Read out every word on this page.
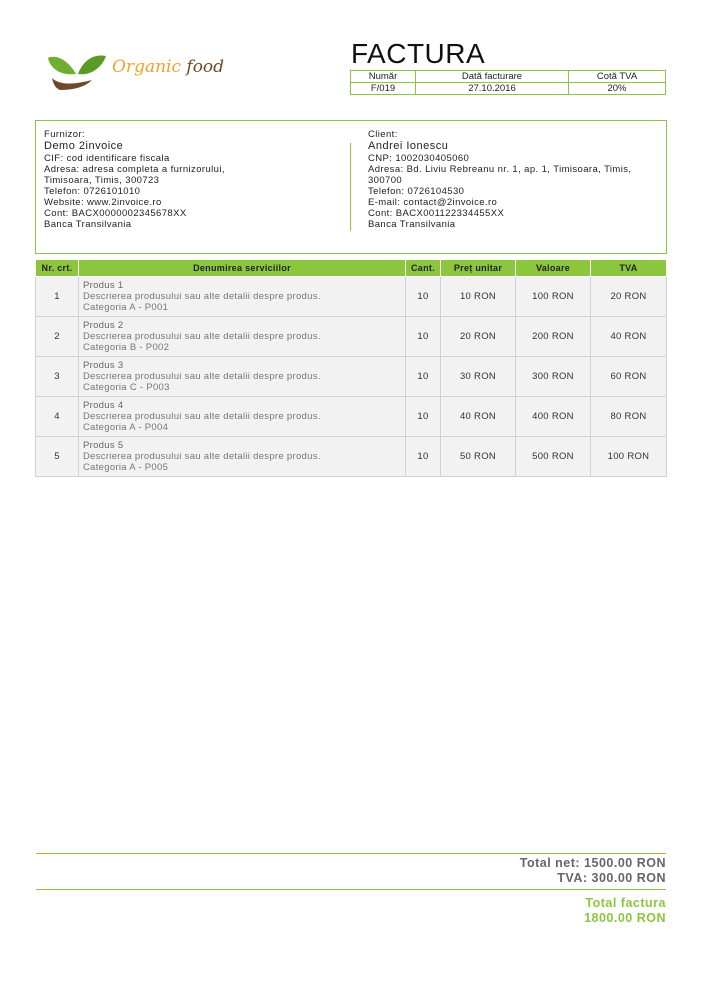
Organic food	FACTURA
Număr	Dată facturare	Cotă TVA
F/019	27.10.2016	20%
Furnizor:
Demo 2invoice
CIF: cod identificare fiscala
Adresa: adresa completa a furnizorului,
Timisoara, Timis, 300723
Telefon: 0726101010
Website: www.2invoice.ro
Cont: BACX0000002345678XX
Banca Transilvania
Client:
Andrei Ionescu
CNP: 1002030405060
Adresa: Bd. Liviu Rebreanu nr. 1, ap. 1, Timisoara, Timis,
300700
Telefon: 0726104530
E-mail: contact@2invoice.ro
Cont: BACX001122334455XX
Banca Transilvania
Nr. crt.	Denumirea serviciilor	Cant.	Preț unitar	Valoare	TVA
1	Produs 1
Descrierea produsului sau alte detalii despre produs.
Categoria A - P001	10	10 RON	100 RON	20 RON
2	Produs 2
Descrierea produsului sau alte detalii despre produs.
Categoria B - P002	10	20 RON	200 RON	40 RON
3	Produs 3
Descrierea produsului sau alte detalii despre produs.
Categoria C - P003	10	30 RON	300 RON	60 RON
4	Produs 4
Descrierea produsului sau alte detalii despre produs.
Categoria A - P004	10	40 RON	400 RON	80 RON
5	Produs 5
Descrierea produsului sau alte detalii despre produs.
Categoria A - P005	10	50 RON	500 RON	100 RON
Total net: 1500.00 RON
TVA: 300.00 RON
Total factura
1800.00 RON
